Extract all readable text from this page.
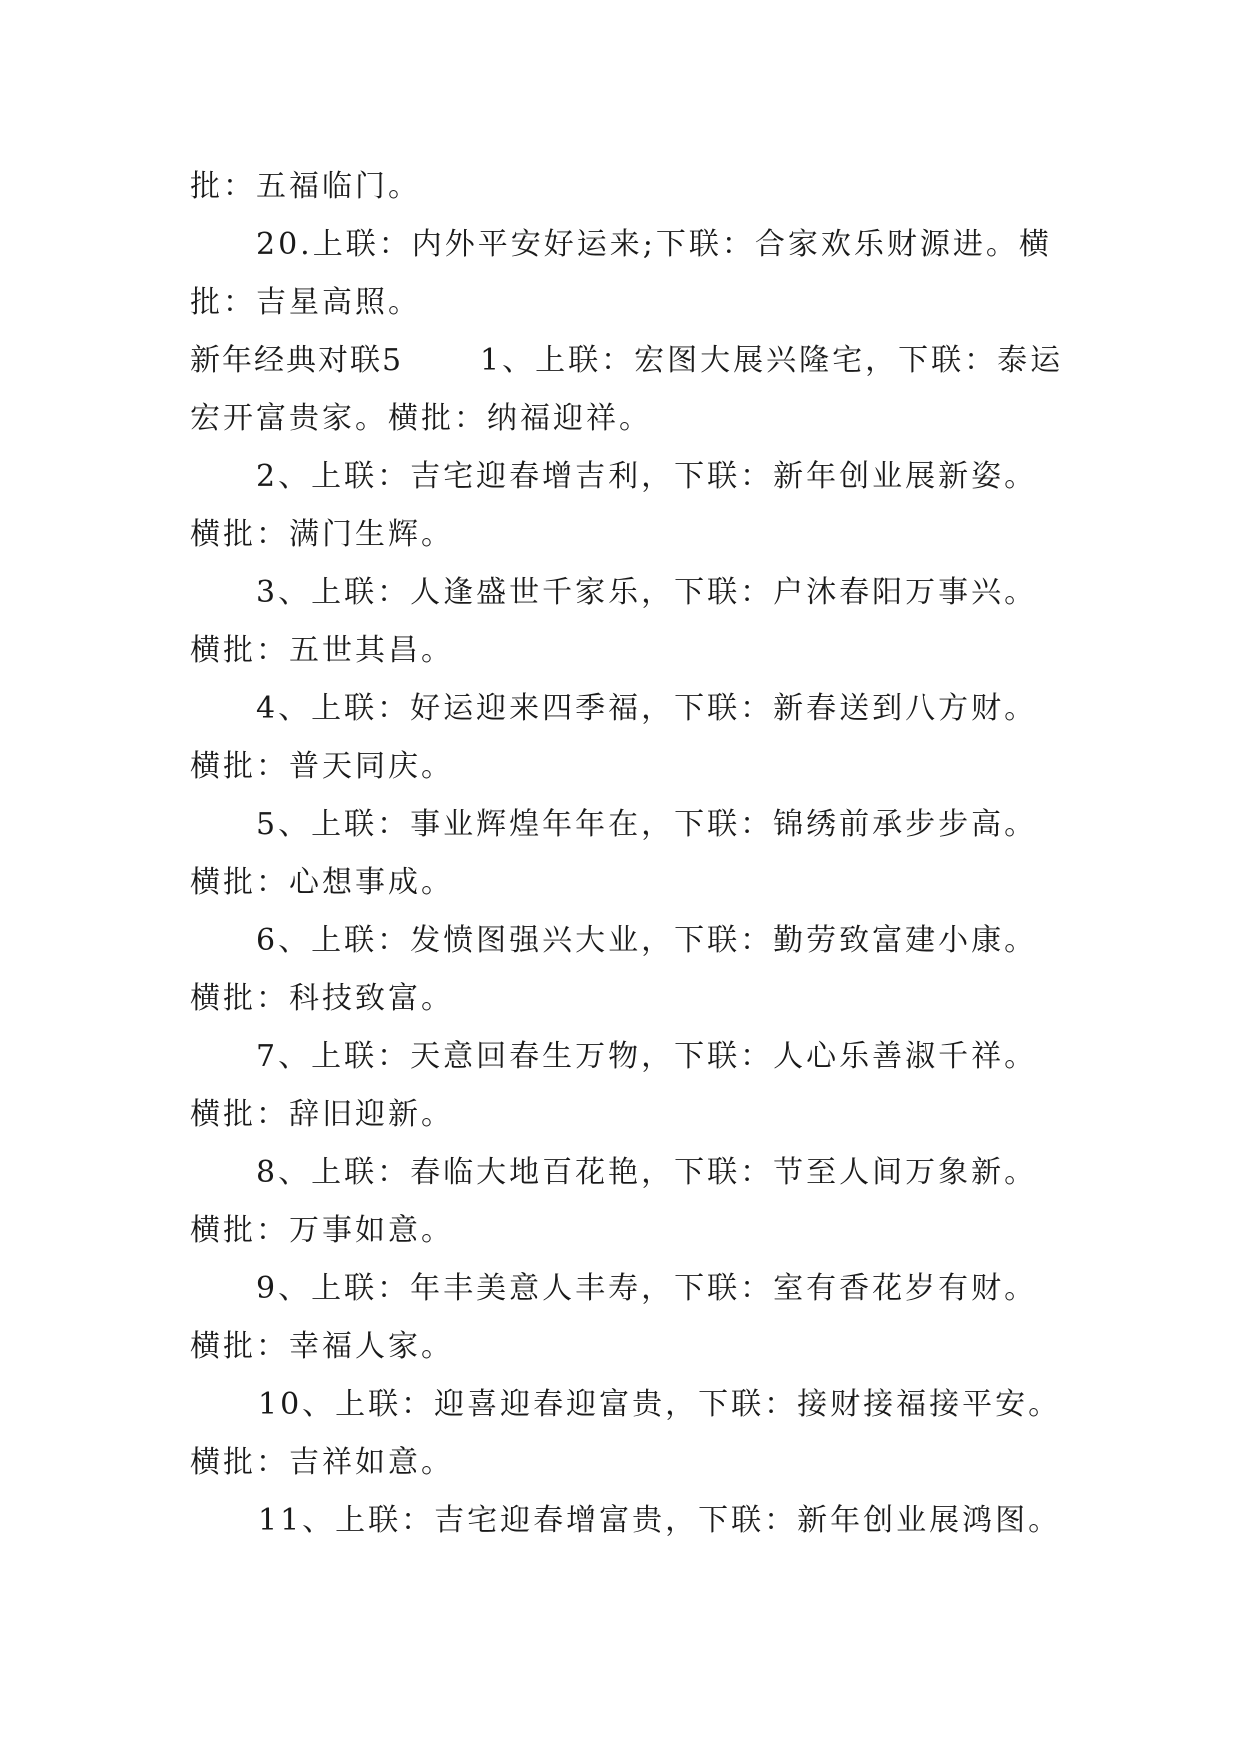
批：五福临门。
20.上联：内外平安好运来;下联：合家欢乐财源进。横
批：吉星高照。
新年经典对联5	1、上联：宏图大展兴隆宅，下联：泰运
宏开富贵家。横批：纳福迎祥。
2、上联：吉宅迎春增吉利，下联：新年创业展新姿。
横批：满门生辉。
3、上联：人逢盛世千家乐，下联：户沐春阳万事兴。
横批：五世其昌。
4、上联：好运迎来四季福，下联：新春送到八方财。
横批：普天同庆。
5、上联：事业辉煌年年在，下联：锦绣前承步步高。
横批：心想事成。
6、上联：发愤图强兴大业，下联：勤劳致富建小康。
横批：科技致富。
7、上联：天意回春生万物，下联：人心乐善淑千祥。
横批：辞旧迎新。
8、上联：春临大地百花艳，下联：节至人间万象新。
横批：万事如意。
9、上联：年丰美意人丰寿，下联：室有香花岁有财。
横批：幸福人家。
10、上联：迎喜迎春迎富贵，下联：接财接福接平安。
横批：吉祥如意。
11、上联：吉宅迎春增富贵，下联：新年创业展鸿图。
